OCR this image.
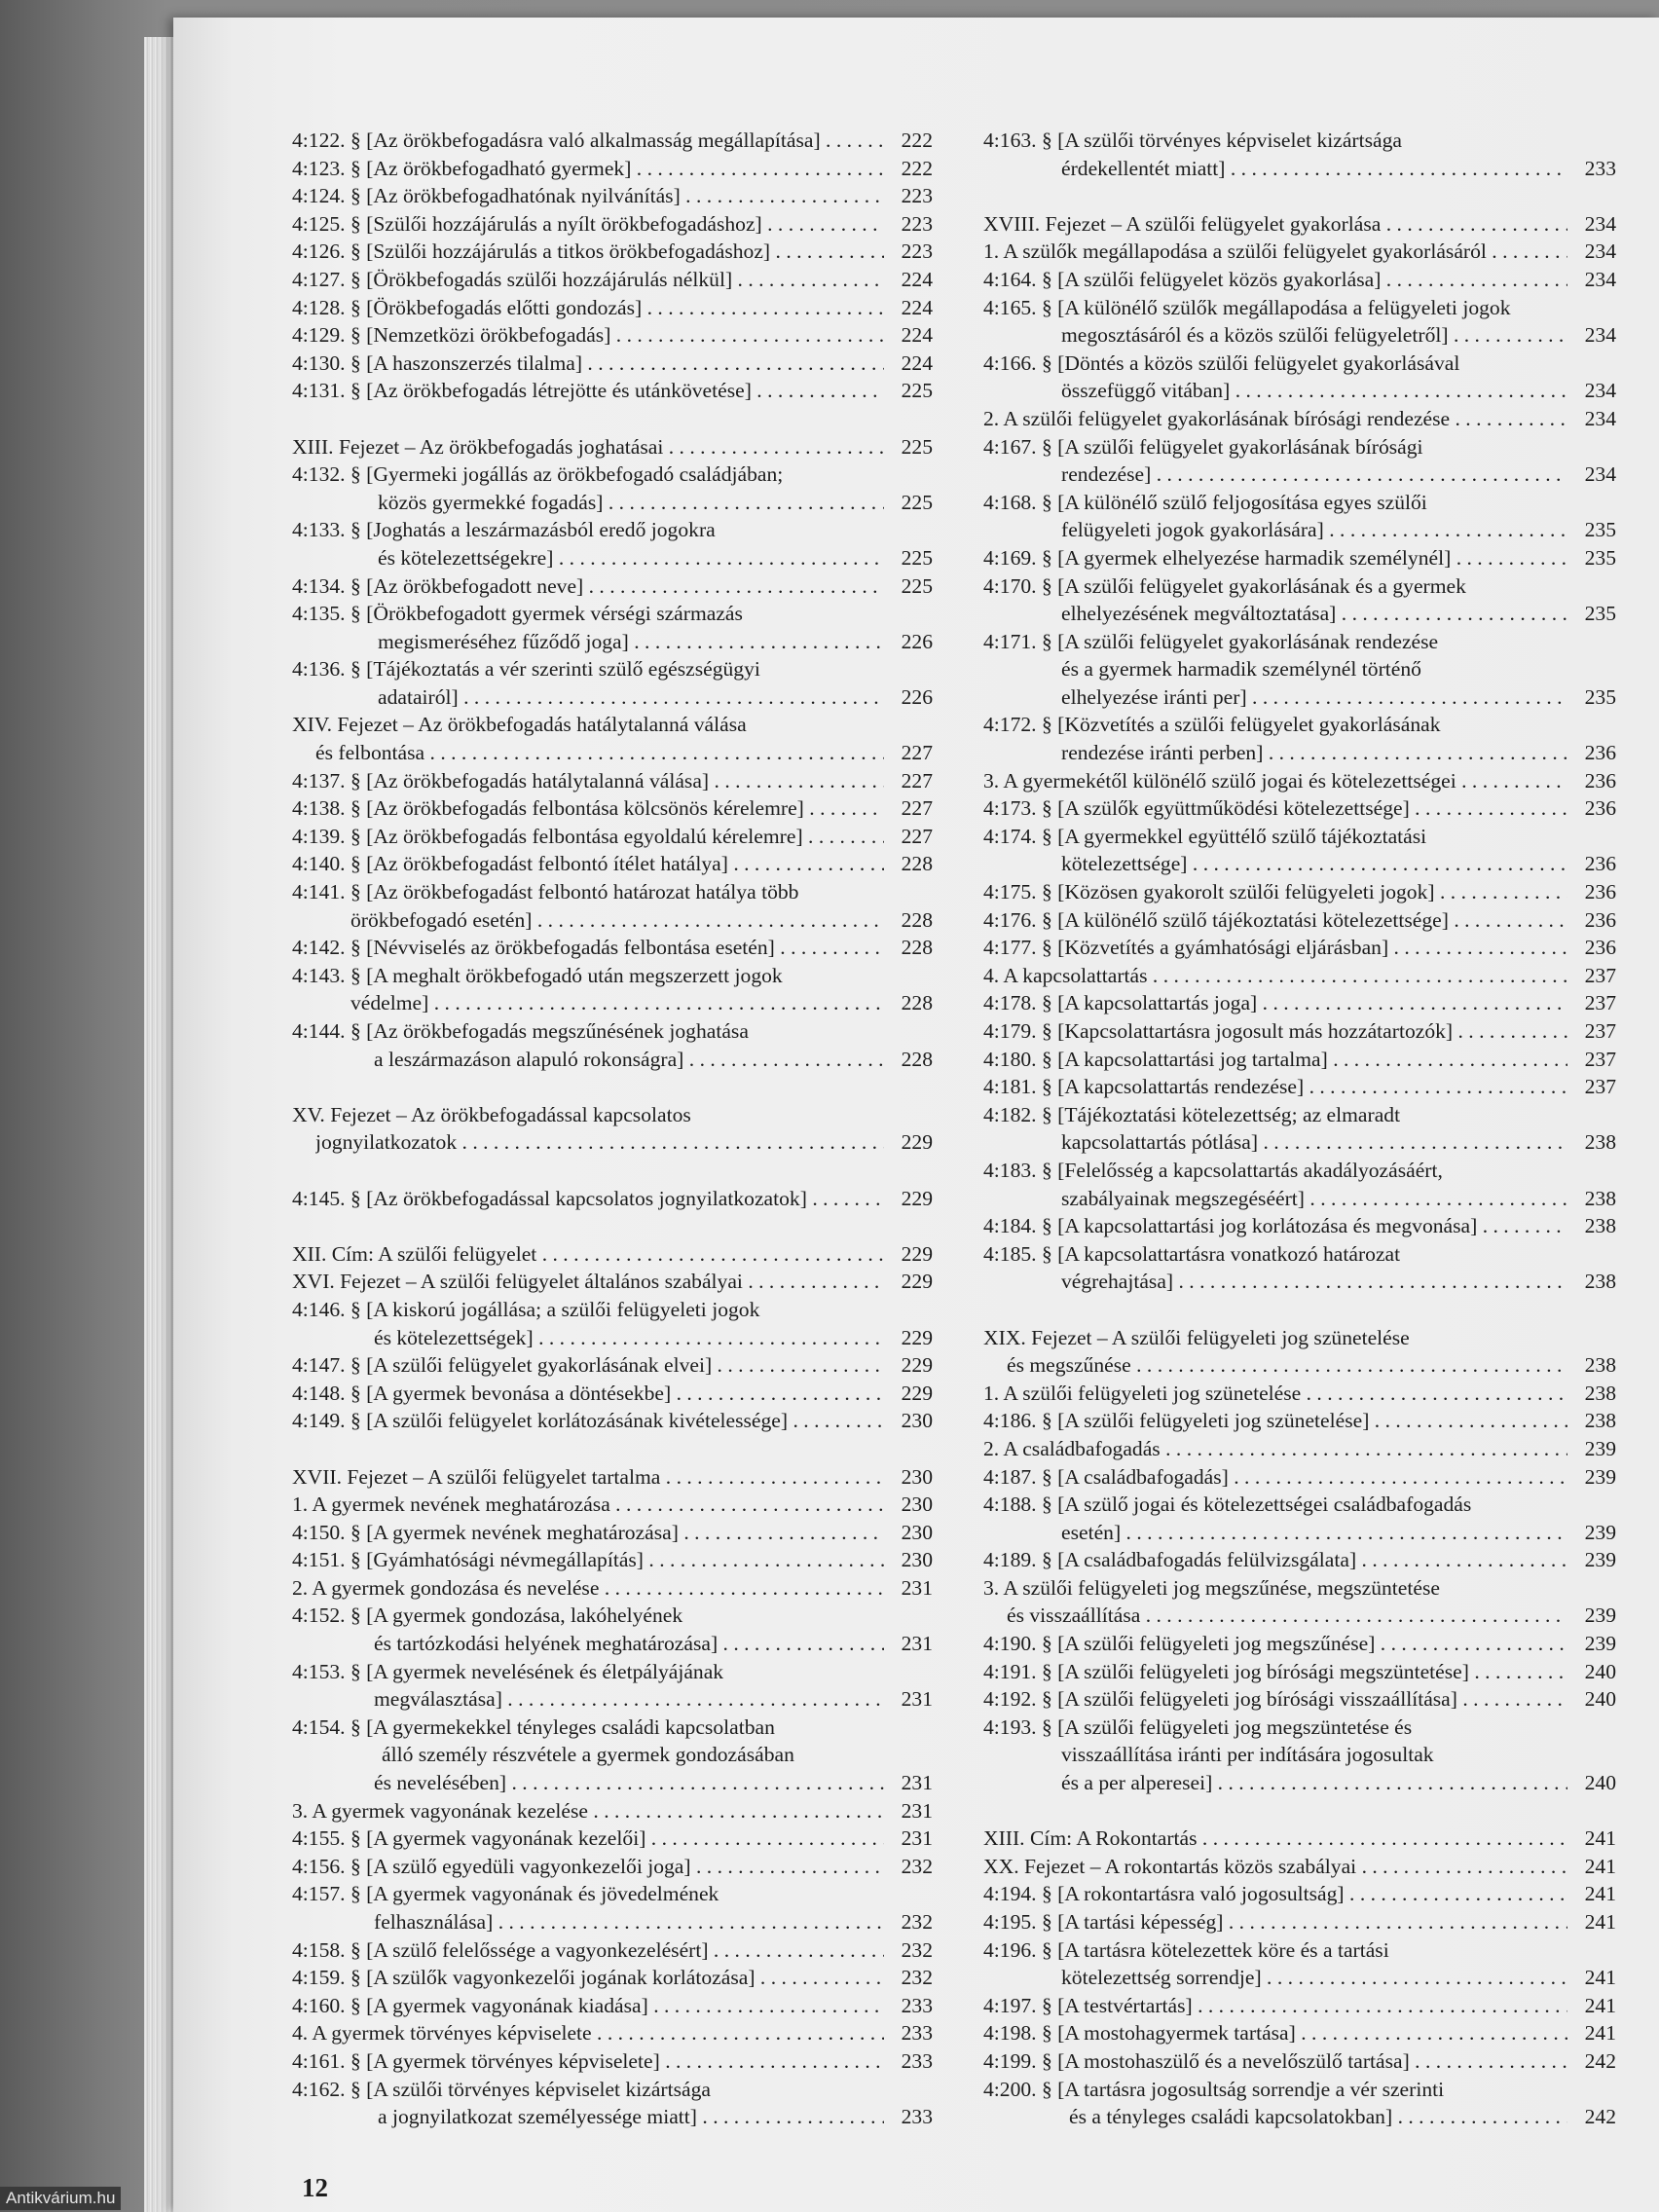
4:122. § [Az örökbefogadásra való alkalmasság megállapítása] . . .	222
4:123. § [Az örökbefogadható gyermek] . . .	222
4:124. § [Az örökbefogadhatónak nyilvánítás] . . .	223
4:125. § [Szülői hozzájárulás a nyílt örökbefogadáshoz] . . .	223
4:126. § [Szülői hozzájárulás a titkos örökbefogadáshoz] . . .	223
4:127. § [Örökbefogadás szülői hozzájárulás nélkül] . . .	224
4:128. § [Örökbefogadás előtti gondozás] . . .	224
4:129. § [Nemzetközi örökbefogadás] . . .	224
4:130. § [A haszonszerzés tilalma] . . .	224
4:131. § [Az örökbefogadás létrejötte és utánkövetése] . . .	225
XIII. Fejezet – Az örökbefogadás joghatásai . . .	225
4:132. § [Gyermeki jogállás az örökbefogadó családjában;
közös gyermekké fogadás] . . .	225
4:133. § [Joghatás a leszármazásból eredő jogokra
és kötelezettségekre] . . .	225
4:134. § [Az örökbefogadott neve] . . .	225
4:135. § [Örökbefogadott gyermek vérségi származás
megismeréséhez fűződő joga] . . .	226
4:136. § [Tájékoztatás a vér szerinti szülő egészségügyi
adatairól] . . .	226
XIV. Fejezet – Az örökbefogadás hatálytalanná válása
és felbontása . . .	227
4:137. § [Az örökbefogadás hatálytalanná válása] . . .	227
4:138. § [Az örökbefogadás felbontása kölcsönös kérelemre] . . .	227
4:139. § [Az örökbefogadás felbontása egyoldalú kérelemre] . . .	227
4:140. § [Az örökbefogadást felbontó ítélet hatálya] . . .	228
4:141. § [Az örökbefogadást felbontó határozat hatálya több
örökbefogadó esetén] . . .	228
4:142. § [Névviselés az örökbefogadás felbontása esetén] . . .	228
4:143. § [A meghalt örökbefogadó után megszerzett jogok
védelme] . . .	228
4:144. § [Az örökbefogadás megszűnésének joghatása
a leszármazáson alapuló rokonságra] . . .	228
XV. Fejezet – Az örökbefogadással kapcsolatos
jognyilatkozatok . . .	229
4:145. § [Az örökbefogadással kapcsolatos jognyilatkozatok] . . .	229
XII. Cím: A szülői felügyelet . . .	229
XVI. Fejezet – A szülői felügyelet általános szabályai . . .	229
4:146. § [A kiskorú jogállása; a szülői felügyeleti jogok
és kötelezettségek] . . .	229
4:147. § [A szülői felügyelet gyakorlásának elvei] . . .	229
4:148. § [A gyermek bevonása a döntésekbe] . . .	229
4:149. § [A szülői felügyelet korlátozásának kivételessége] . . .	230
XVII. Fejezet – A szülői felügyelet tartalma . . .	230
1. A gyermek nevének meghatározása . . .	230
4:150. § [A gyermek nevének meghatározása] . . .	230
4:151. § [Gyámhatósági névmegállapítás] . . .	230
2. A gyermek gondozása és nevelése . . .	231
4:152. § [A gyermek gondozása, lakóhelyének
és tartózkodási helyének meghatározása] . . .	231
4:153. § [A gyermek nevelésének és életpályájának
megválasztása] . . .	231
4:154. § [A gyermekekkel tényleges családi kapcsolatban
álló személy részvétele a gyermek gondozásában
és nevelésében] . . .	231
3. A gyermek vagyonának kezelése . . .	231
4:155. § [A gyermek vagyonának kezelői] . . .	231
4:156. § [A szülő egyedüli vagyonkezelői joga] . . .	232
4:157. § [A gyermek vagyonának és jövedelmének
felhasználása] . . .	232
4:158. § [A szülő felelőssége a vagyonkezelésért] . . .	232
4:159. § [A szülők vagyonkezelői jogának korlátozása] . . .	232
4:160. § [A gyermek vagyonának kiadása] . . .	233
4. A gyermek törvényes képviselete . . .	233
4:161. § [A gyermek törvényes képviselete] . . .	233
4:162. § [A szülői törvényes képviselet kizártsága
a jognyilatkozat személyessége miatt] . . .	233
4:163. § [A szülői törvényes képviselet kizártsága
érdekellentét miatt] . . .	233
XVIII. Fejezet – A szülői felügyelet gyakorlása . . .	234
1. A szülők megállapodása a szülői felügyelet gyakorlásáról . . .	234
4:164. § [A szülői felügyelet közös gyakorlása] . . .	234
4:165. § [A különélő szülők megállapodása a felügyeleti jogok
megosztásáról és a közös szülői felügyeletről] . . .	234
4:166. § [Döntés a közös szülői felügyelet gyakorlásával
összefüggő vitában] . . .	234
2. A szülői felügyelet gyakorlásának bírósági rendezése . . .	234
4:167. § [A szülői felügyelet gyakorlásának bírósági
rendezése] . . .	234
4:168. § [A különélő szülő feljogosítása egyes szülői
felügyeleti jogok gyakorlására] . . .	235
4:169. § [A gyermek elhelyezése harmadik személynél] . . .	235
4:170. § [A szülői felügyelet gyakorlásának és a gyermek
elhelyezésének megváltoztatása] . . .	235
4:171. § [A szülői felügyelet gyakorlásának rendezése
és a gyermek harmadik személynél történő
elhelyezése iránti per] . . .	235
4:172. § [Közvetítés a szülői felügyelet gyakorlásának
rendezése iránti perben] . . .	236
3. A gyermekétől különélő szülő jogai és kötelezettségei . . .	236
4:173. § [A szülők együttműködési kötelezettsége] . . .	236
4:174. § [A gyermekkel együttélő szülő tájékoztatási
kötelezettsége] . . .	236
4:175. § [Közösen gyakorolt szülői felügyeleti jogok] . . .	236
4:176. § [A különélő szülő tájékoztatási kötelezettsége] . . .	236
4:177. § [Közvetítés a gyámhatósági eljárásban] . . .	236
4. A kapcsolattartás . . .	237
4:178. § [A kapcsolattartás joga] . . .	237
4:179. § [Kapcsolattartásra jogosult más hozzátartozók] . . .	237
4:180. § [A kapcsolattartási jog tartalma] . . .	237
4:181. § [A kapcsolattartás rendezése] . . .	237
4:182. § [Tájékoztatási kötelezettség; az elmaradt
kapcsolattartás pótlása] . . .	238
4:183. § [Felelősség a kapcsolattartás akadályozásáért,
szabályainak megszegéséért] . . .	238
4:184. § [A kapcsolattartási jog korlátozása és megvonása] . . .	238
4:185. § [A kapcsolattartásra vonatkozó határozat
végrehajtása] . . .	238
XIX. Fejezet – A szülői felügyeleti jog szünetelése
és megszűnése . . .	238
1. A szülői felügyeleti jog szünetelése . . .	238
4:186. § [A szülői felügyeleti jog szünetelése] . . .	238
2. A családbafogadás . . .	239
4:187. § [A családbafogadás] . . .	239
4:188. § [A szülő jogai és kötelezettségei családbafogadás
esetén] . . .	239
4:189. § [A családbafogadás felülvizsgálata] . . .	239
3. A szülői felügyeleti jog megszűnése, megszüntetése
és visszaállítása . . .	239
4:190. § [A szülői felügyeleti jog megszűnése] . . .	239
4:191. § [A szülői felügyeleti jog bírósági megszüntetése] . . .	240
4:192. § [A szülői felügyeleti jog bírósági visszaállítása] . . .	240
4:193. § [A szülői felügyeleti jog megszüntetése és
visszaállítása iránti per indítására jogosultak
és a per alperesei] . . .	240
XIII. Cím: A Rokontartás . . .	241
XX. Fejezet – A rokontartás közös szabályai . . .	241
4:194. § [A rokontartásra való jogosultság] . . .	241
4:195. § [A tartási képesség] . . .	241
4:196. § [A tartásra kötelezettek köre és a tartási
kötelezettség sorrendje] . . .	241
4:197. § [A testvértartás] . . .	241
4:198. § [A mostohagyermek tartása] . . .	241
4:199. § [A mostohaszülő és a nevelőszülő tartása] . . .	242
4:200. § [A tartásra jogosultság sorrendje a vér szerinti
és a tényleges családi kapcsolatokban] . . .	242
12
Antikvárium.hu
